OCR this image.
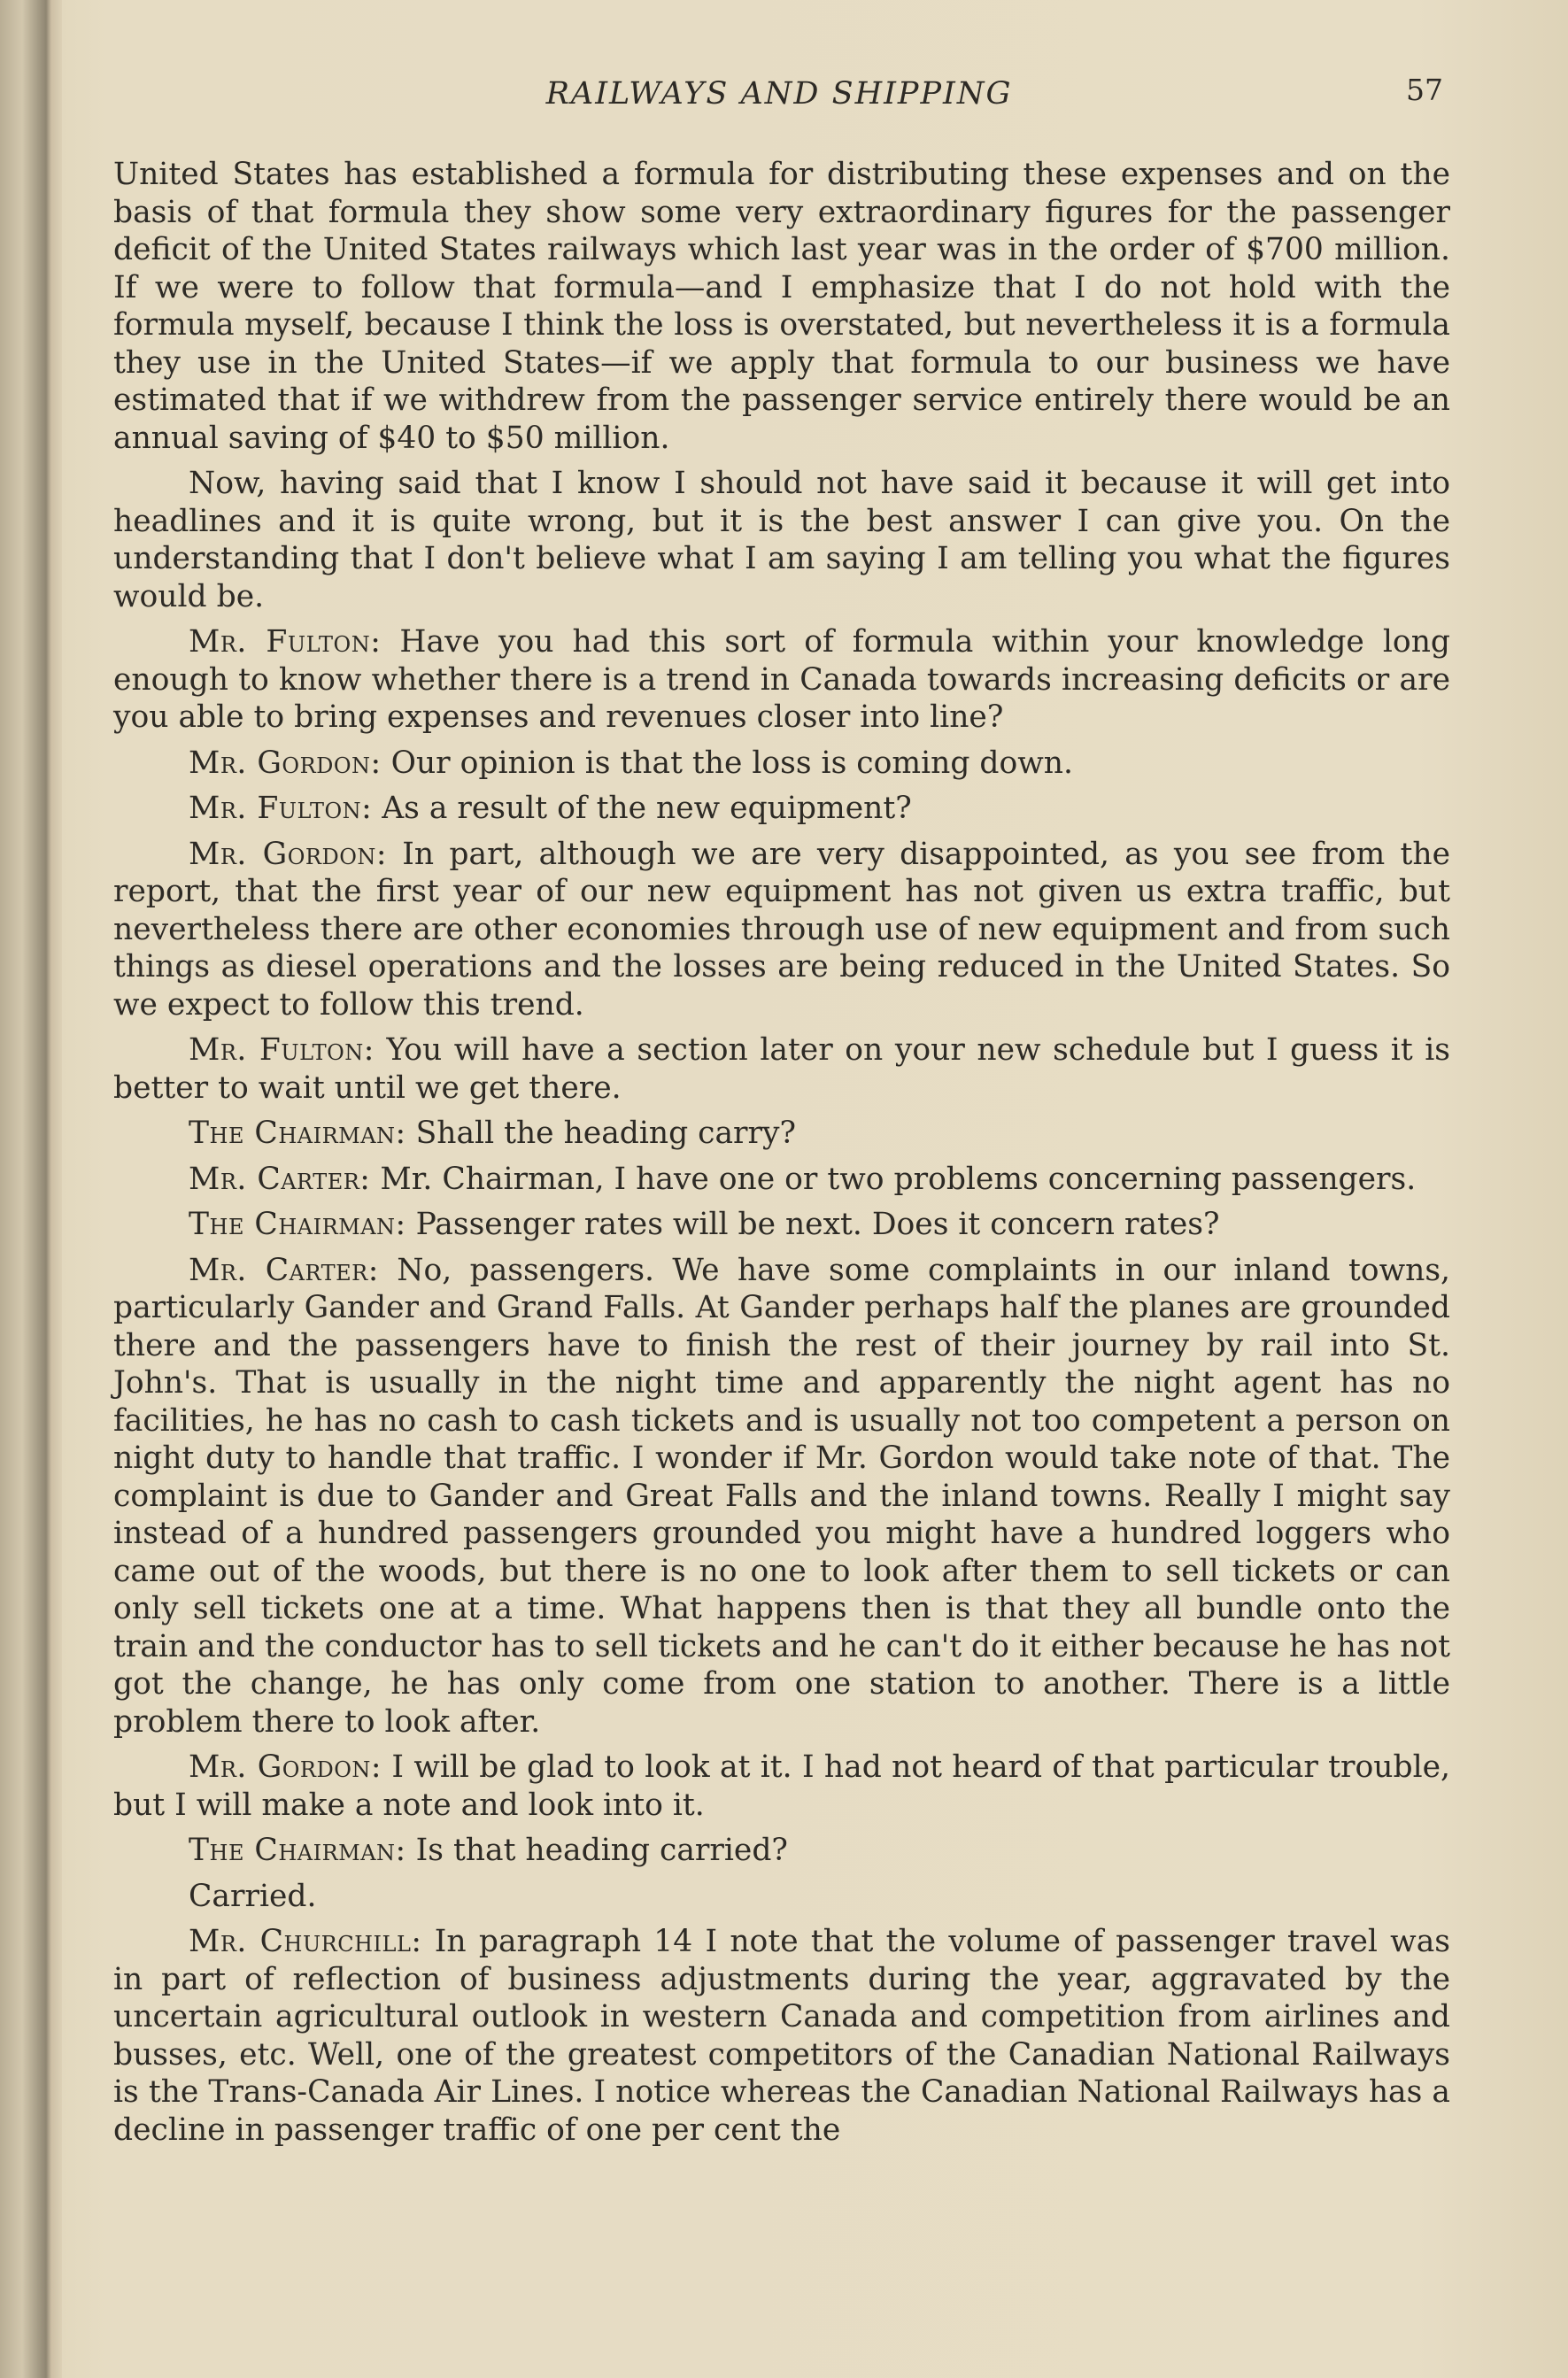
RAILWAYS AND SHIPPING	57

United States has established a formula for distributing these expenses and on the basis of that formula they show some very extraordinary figures for the passenger deficit of the United States railways which last year was in the order of $700 million. If we were to follow that formula—and I emphasize that I do not hold with the formula myself, because I think the loss is overstated, but nevertheless it is a formula they use in the United States—if we apply that formula to our business we have estimated that if we withdrew from the passenger service entirely there would be an annual saving of $40 to $50 million.

Now, having said that I know I should not have said it because it will get into headlines and it is quite wrong, but it is the best answer I can give you. On the understanding that I don't believe what I am saying I am telling you what the figures would be.

Mr. Fulton: Have you had this sort of formula within your knowledge long enough to know whether there is a trend in Canada towards increasing deficits or are you able to bring expenses and revenues closer into line?

Mr. Gordon: Our opinion is that the loss is coming down.

Mr. Fulton: As a result of the new equipment?

Mr. Gordon: In part, although we are very disappointed, as you see from the report, that the first year of our new equipment has not given us extra traffic, but nevertheless there are other economies through use of new equipment and from such things as diesel operations and the losses are being reduced in the United States. So we expect to follow this trend.

Mr. Fulton: You will have a section later on your new schedule but I guess it is better to wait until we get there.

The Chairman: Shall the heading carry?

Mr. Carter: Mr. Chairman, I have one or two problems concerning passengers.

The Chairman: Passenger rates will be next. Does it concern rates?

Mr. Carter: No, passengers. We have some complaints in our inland towns, particularly Gander and Grand Falls. At Gander perhaps half the planes are grounded there and the passengers have to finish the rest of their journey by rail into St. John's. That is usually in the night time and apparently the night agent has no facilities, he has no cash to cash tickets and is usually not too competent a person on night duty to handle that traffic. I wonder if Mr. Gordon would take note of that. The complaint is due to Gander and Great Falls and the inland towns. Really I might say instead of a hundred passengers grounded you might have a hundred loggers who came out of the woods, but there is no one to look after them to sell tickets or can only sell tickets one at a time. What happens then is that they all bundle onto the train and the conductor has to sell tickets and he can't do it either because he has not got the change, he has only come from one station to another. There is a little problem there to look after.

Mr. Gordon: I will be glad to look at it. I had not heard of that particular trouble, but I will make a note and look into it.

The Chairman: Is that heading carried?

Carried.

Mr. Churchill: In paragraph 14 I note that the volume of passenger travel was in part of reflection of business adjustments during the year, aggravated by the uncertain agricultural outlook in western Canada and competition from airlines and busses, etc. Well, one of the greatest competitors of the Canadian National Railways is the Trans-Canada Air Lines. I notice whereas the Canadian National Railways has a decline in passenger traffic of one per cent the
